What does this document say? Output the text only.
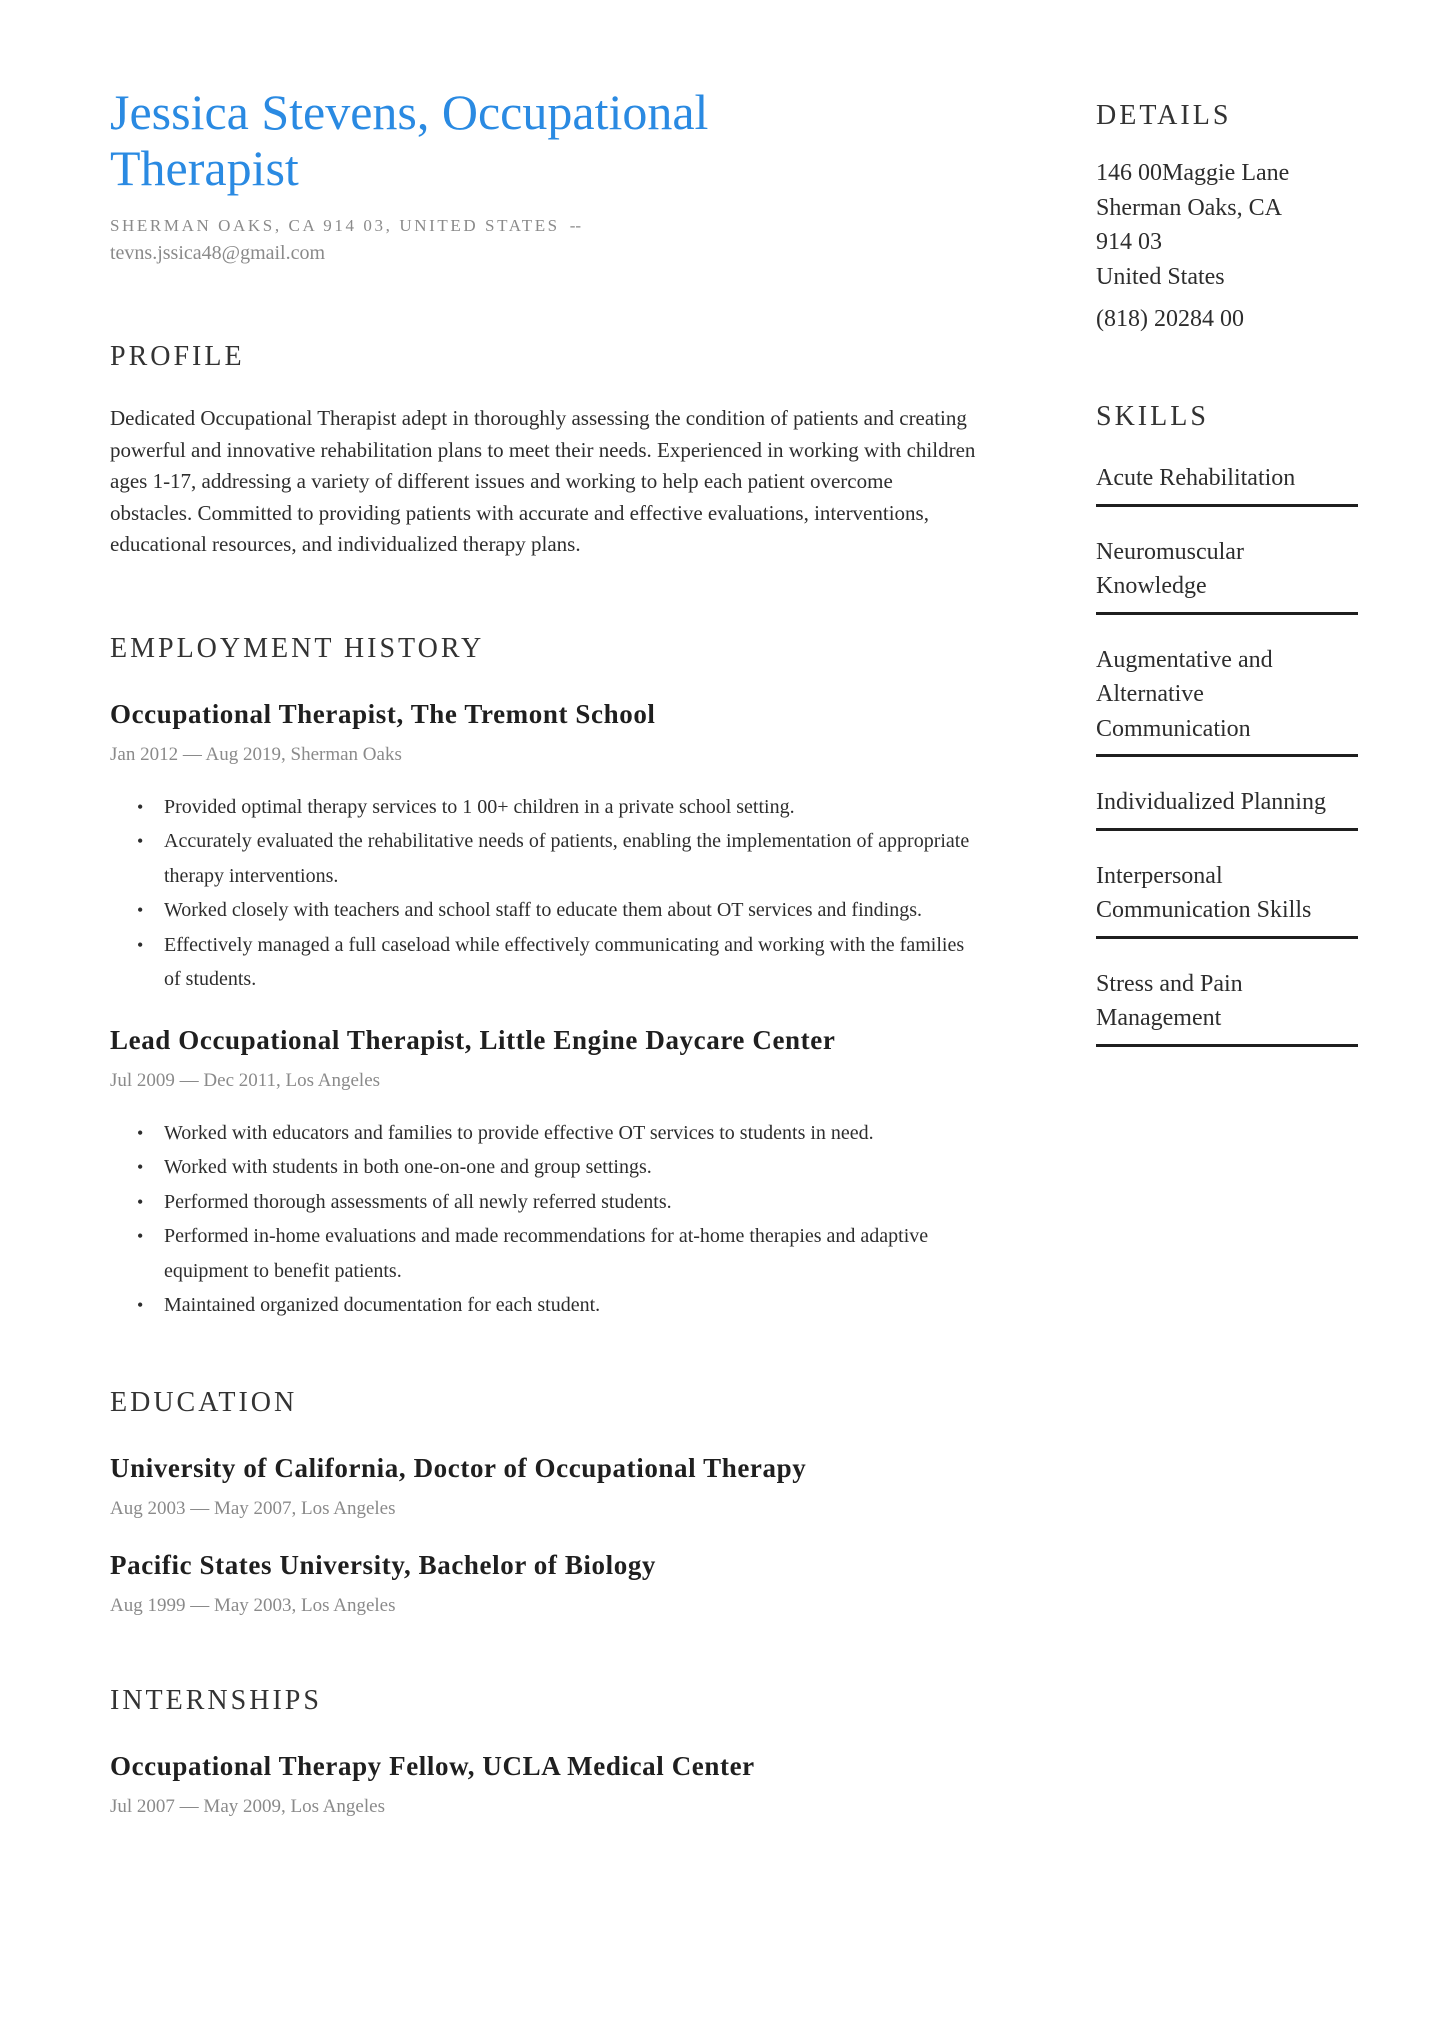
Jessica Stevens, Occupational
Therapist
SHERMAN OAKS, CA 914 03, UNITED STATES --
tevns.jssica48@gmail.com
PROFILE
Dedicated Occupational Therapist adept in thoroughly assessing the condition of patients and creating powerful and innovative rehabilitation plans to meet their needs. Experienced in working with children ages 1-17, addressing a variety of different issues and working to help each patient overcome obstacles. Committed to providing patients with accurate and effective evaluations, interventions, educational resources, and individualized therapy plans.
EMPLOYMENT HISTORY
Occupational Therapist, The Tremont School
Jan 2012 — Aug 2019, Sherman Oaks
• Provided optimal therapy services to 1 00+ children in a private school setting.
• Accurately evaluated the rehabilitative needs of patients, enabling the implementation of appropriate therapy interventions.
• Worked closely with teachers and school staff to educate them about OT services and findings.
• Effectively managed a full caseload while effectively communicating and working with the families of students.
Lead Occupational Therapist, Little Engine Daycare Center
Jul 2009 — Dec 2011, Los Angeles
• Worked with educators and families to provide effective OT services to students in need.
• Worked with students in both one-on-one and group settings.
• Performed thorough assessments of all newly referred students.
• Performed in-home evaluations and made recommendations for at-home therapies and adaptive equipment to benefit patients.
• Maintained organized documentation for each student.
EDUCATION
University of California, Doctor of Occupational Therapy
Aug 2003 — May 2007, Los Angeles
Pacific States University, Bachelor of Biology
Aug 1999 — May 2003, Los Angeles
INTERNSHIPS
Occupational Therapy Fellow, UCLA Medical Center
Jul 2007 — May 2009, Los Angeles
DETAILS
146 00Maggie Lane
Sherman Oaks, CA
914 03
United States
(818) 20284 00
SKILLS
Acute Rehabilitation
Neuromuscular Knowledge
Augmentative and Alternative Communication
Individualized Planning
Interpersonal Communication Skills
Stress and Pain Management
